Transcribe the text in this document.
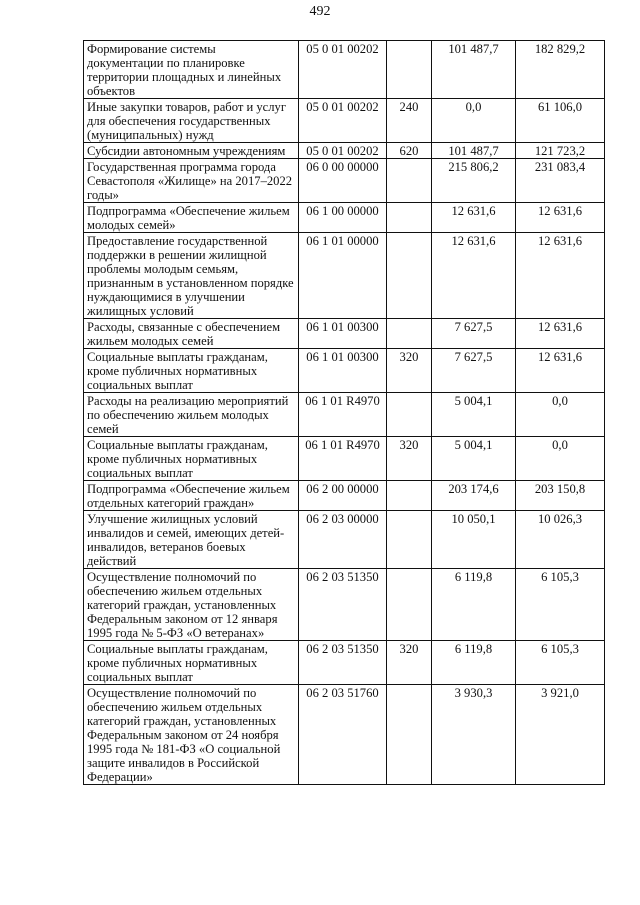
492
Формирование системы документации по планировке территории площадных и линейных объектов	05 0 01 00202		101 487,7	182 829,2
Иные закупки товаров, работ и услуг для обеспечения государственных (муниципальных) нужд	05 0 01 00202	240	0,0	61 106,0
Субсидии автономным учреждениям	05 0 01 00202	620	101 487,7	121 723,2
Государственная программа города Севастополя «Жилище» на 2017–2022 годы»	06 0 00 00000		215 806,2	231 083,4
Подпрограмма «Обеспечение жильем молодых семей»	06 1 00 00000		12 631,6	12 631,6
Предоставление государственной поддержки в решении жилищной проблемы молодым семьям, признанным в установленном порядке нуждающимися в улучшении жилищных условий	06 1 01 00000		12 631,6	12 631,6
Расходы, связанные с обеспечением жильем молодых семей	06 1 01 00300		7 627,5	12 631,6
Социальные выплаты гражданам, кроме публичных нормативных социальных выплат	06 1 01 00300	320	7 627,5	12 631,6
Расходы на реализацию мероприятий по обеспечению жильем молодых семей	06 1 01 R4970		5 004,1	0,0
Социальные выплаты гражданам, кроме публичных нормативных социальных выплат	06 1 01 R4970	320	5 004,1	0,0
Подпрограмма «Обеспечение жильем отдельных категорий граждан»	06 2 00 00000		203 174,6	203 150,8
Улучшение жилищных условий инвалидов и семей, имеющих детей-инвалидов, ветеранов боевых действий	06 2 03 00000		10 050,1	10 026,3
Осуществление полномочий по обеспечению жильем отдельных категорий граждан, установленных Федеральным законом от 12 января 1995 года № 5-ФЗ «О ветеранах»	06 2 03 51350		6 119,8	6 105,3
Социальные выплаты гражданам, кроме публичных нормативных социальных выплат	06 2 03 51350	320	6 119,8	6 105,3
Осуществление полномочий по обеспечению жильем отдельных категорий граждан, установленных Федеральным законом от 24 ноября 1995 года № 181-ФЗ «О социальной защите инвалидов в Российской Федерации»	06 2 03 51760		3 930,3	3 921,0
